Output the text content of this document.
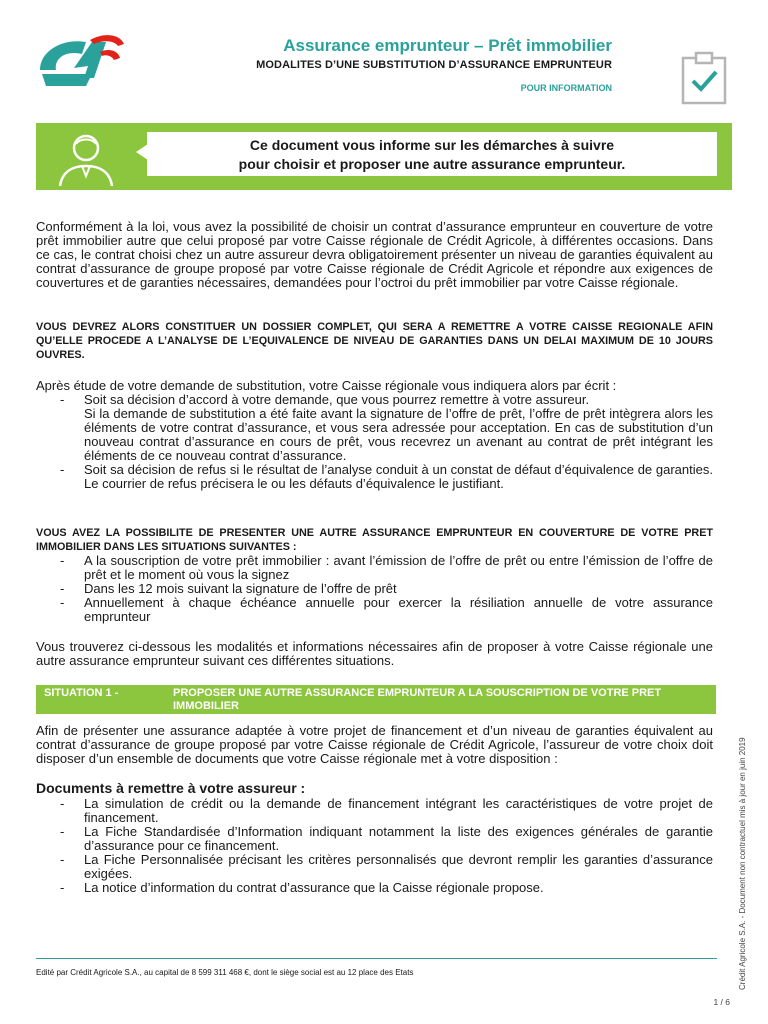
Assurance emprunteur – Prêt immobilier
MODALITES D’UNE SUBSTITUTION D’ASSURANCE EMPRUNTEUR
POUR INFORMATION
Ce document vous informe sur les démarches à suivre
pour choisir et proposer une autre assurance emprunteur.
Conformément à la loi, vous avez la possibilité de choisir un contrat d’assurance emprunteur en couverture de votre prêt immobilier autre que celui proposé par votre Caisse régionale de Crédit Agricole, à différentes occasions. Dans ce cas, le contrat choisi chez un autre assureur devra obligatoirement présenter un niveau de garanties équivalent au contrat d’assurance de groupe proposé par votre Caisse régionale de Crédit Agricole et répondre aux exigences de couvertures et de garanties nécessaires, demandées pour l’octroi du prêt immobilier par votre Caisse régionale.
VOUS DEVREZ ALORS CONSTITUER UN DOSSIER COMPLET, QUI SERA A REMETTRE A VOTRE CAISSE REGIONALE AFIN QU’ELLE PROCEDE A L’ANALYSE DE L’EQUIVALENCE DE NIVEAU DE GARANTIES DANS UN DELAI MAXIMUM DE 10 JOURS OUVRES.
Après étude de votre demande de substitution, votre Caisse régionale vous indiquera alors par écrit :
- Soit sa décision d’accord à votre demande, que vous pourrez remettre à votre assureur.
Si la demande de substitution a été faite avant la signature de l’offre de prêt, l’offre de prêt intègrera alors les éléments de votre contrat d’assurance, et vous sera adressée pour acceptation. En cas de substitution d’un nouveau contrat d’assurance en cours de prêt, vous recevrez un avenant au contrat de prêt intégrant les éléments de ce nouveau contrat d’assurance.
- Soit sa décision de refus si le résultat de l’analyse conduit à un constat de défaut d’équivalence de garanties. Le courrier de refus précisera le ou les défauts d’équivalence le justifiant.
VOUS AVEZ LA POSSIBILITE DE PRESENTER UNE AUTRE ASSURANCE EMPRUNTEUR EN COUVERTURE DE VOTRE PRET IMMOBILIER DANS LES SITUATIONS SUIVANTES :
- A la souscription de votre prêt immobilier : avant l’émission de l’offre de prêt ou entre l’émission de l’offre de prêt et le moment où vous la signez
- Dans les 12 mois suivant la signature de l’offre de prêt
- Annuellement à chaque échéance annuelle pour exercer la résiliation annuelle de votre assurance emprunteur
Vous trouverez ci-dessous les modalités et informations nécessaires afin de proposer à votre Caisse régionale une autre assurance emprunteur suivant ces différentes situations.
SITUATION 1 -	PROPOSER UNE AUTRE ASSURANCE EMPRUNTEUR A LA SOUSCRIPTION DE VOTRE PRET IMMOBILIER
Afin de présenter une assurance adaptée à votre projet de financement et d’un niveau de garanties équivalent au contrat d’assurance de groupe proposé par votre Caisse régionale de Crédit Agricole, l’assureur de votre choix doit disposer d’un ensemble de documents que votre Caisse régionale met à votre disposition :
Documents à remettre à votre assureur :
- La simulation de crédit ou la demande de financement intégrant les caractéristiques de votre projet de financement.
- La Fiche Standardisée d’Information indiquant notamment la liste des exigences générales de garantie d’assurance pour ce financement.
- La Fiche Personnalisée précisant les critères personnalisés que devront remplir les garanties d’assurance exigées.
- La notice d’information du contrat d’assurance que la Caisse régionale propose.
Edité par Crédit Agricole S.A., au capital de 8 599 311 468 €, dont le siège social est au 12 place des Etats
1 / 6
Crédit Agricole S.A. - Document non contractuel mis à jour en juin 2019
